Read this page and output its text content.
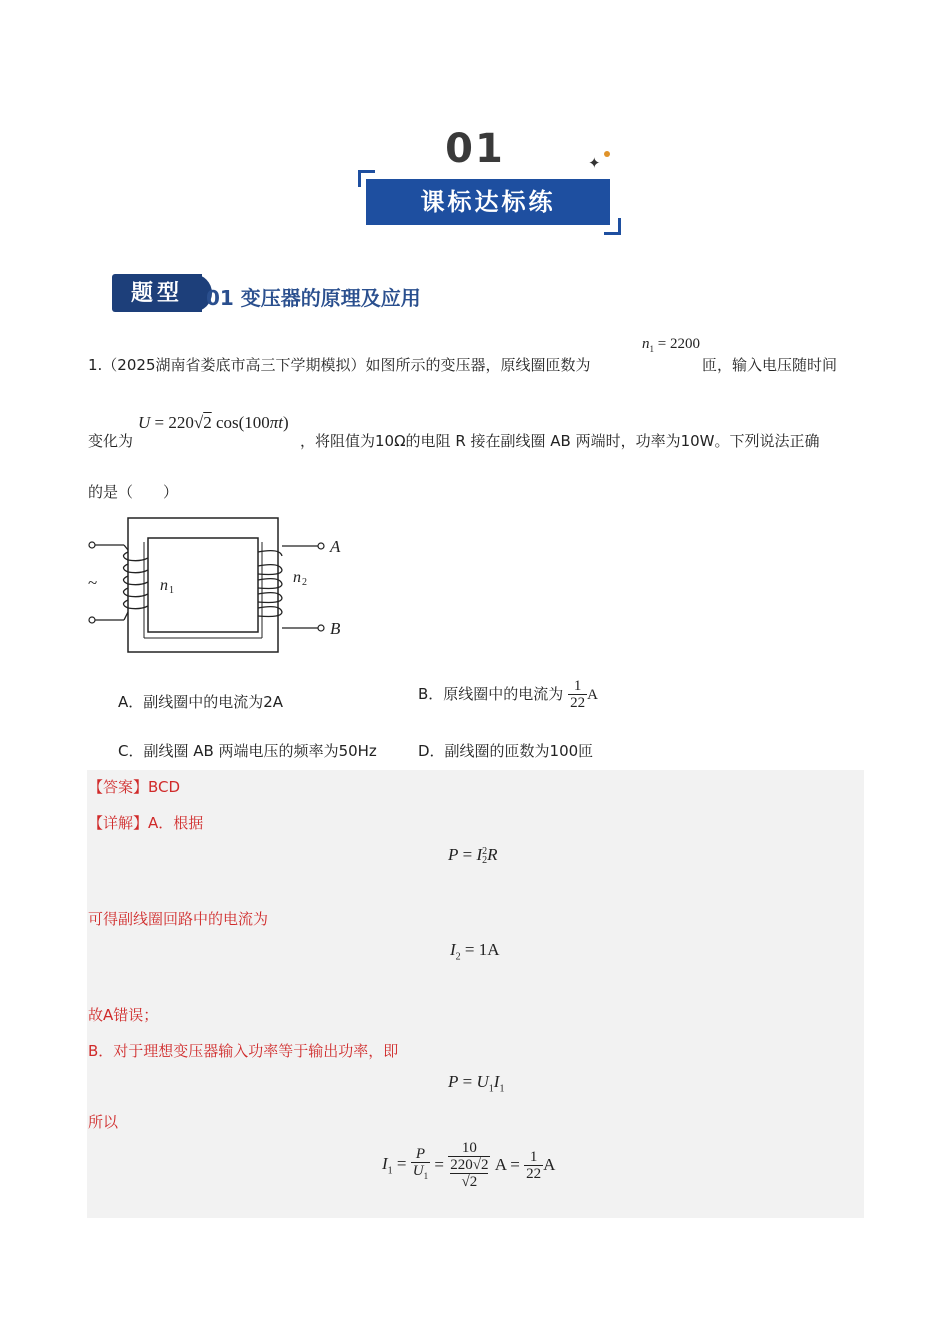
01
课标达标练
✦
题型	01 变压器的原理及应用
1.（2025湖南省娄底市高三下学期模拟）如图所示的变压器，原线圈匝数为
$n_1 = 2200$
匝，输入电压随时间
变化为
U = 220√2 cos(100πt)
，将阻值为10Ω的电阻 R 接在副线圈 AB 两端时，功率为10W。下列说法正确
的是（　　）
A
B
~	n 1
n 2
A．副线圈中的电流为2A	B．原线圈中的电流为 $\frac{1}{22}$ A
C．副线圈 AB 两端电压的频率为50Hz	D．副线圈的匝数为100匝
【答案】BCD
【详解】A．根据
P = I 2
2 R
可得副线圈回路中的电流为
$I_2 = 1A$
故A错误；
B．对于理想变压器输入功率等于输出功率，即
$P = U_1I_1$
所以
$I_1 = \frac{P}{U_1} = 10$
220√2
√2 $A = \frac{1}{22}$ A
